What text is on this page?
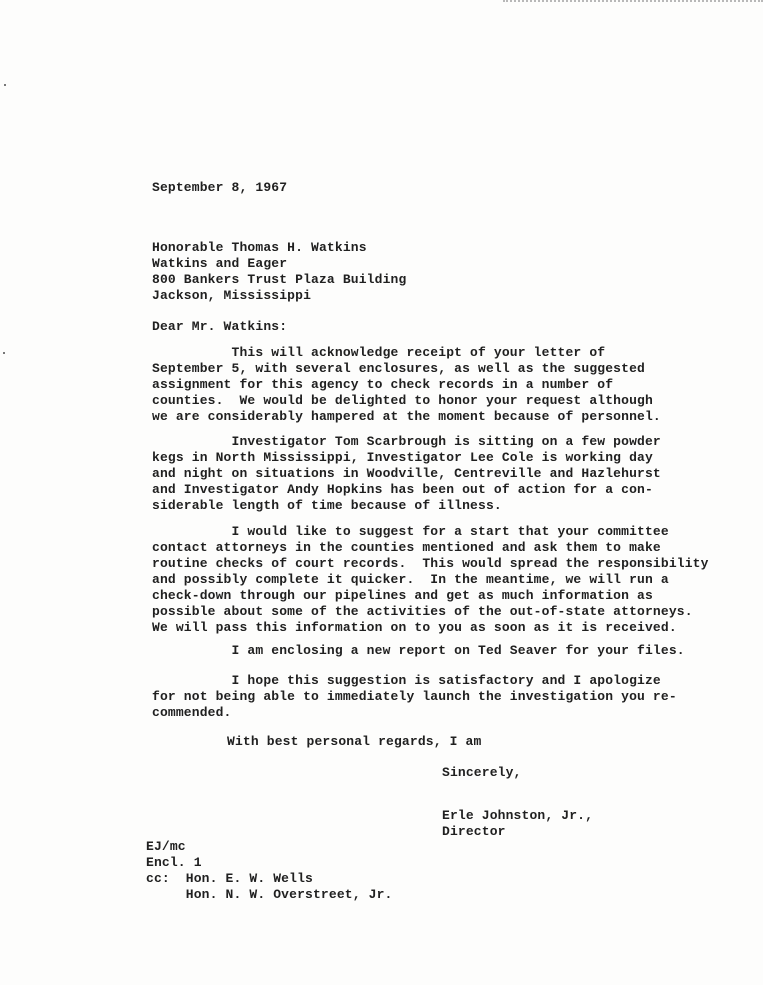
September 8, 1967
Honorable Thomas H. Watkins
Watkins and Eager
800 Bankers Trust Plaza Building
Jackson, Mississippi
Dear Mr. Watkins:
This will acknowledge receipt of your letter of
September 5, with several enclosures, as well as the suggested
assignment for this agency to check records in a number of
counties.  We would be delighted to honor your request although
we are considerably hampered at the moment because of personnel.
Investigator Tom Scarbrough is sitting on a few powder
kegs in North Mississippi, Investigator Lee Cole is working day
and night on situations in Woodville, Centreville and Hazlehurst
and Investigator Andy Hopkins has been out of action for a con-
siderable length of time because of illness.
I would like to suggest for a start that your committee
contact attorneys in the counties mentioned and ask them to make
routine checks of court records.  This would spread the responsibility
and possibly complete it quicker.  In the meantime, we will run a
check-down through our pipelines and get as much information as
possible about some of the activities of the out-of-state attorneys.
We will pass this information on to you as soon as it is received.
I am enclosing a new report on Ted Seaver for your files.
I hope this suggestion is satisfactory and I apologize
for not being able to immediately launch the investigation you re-
commended.
With best personal regards, I am
Sincerely,
Erle Johnston, Jr.,
Director
EJ/mc
Encl. 1
cc:  Hon. E. W. Wells
Hon. N. W. Overstreet, Jr.
